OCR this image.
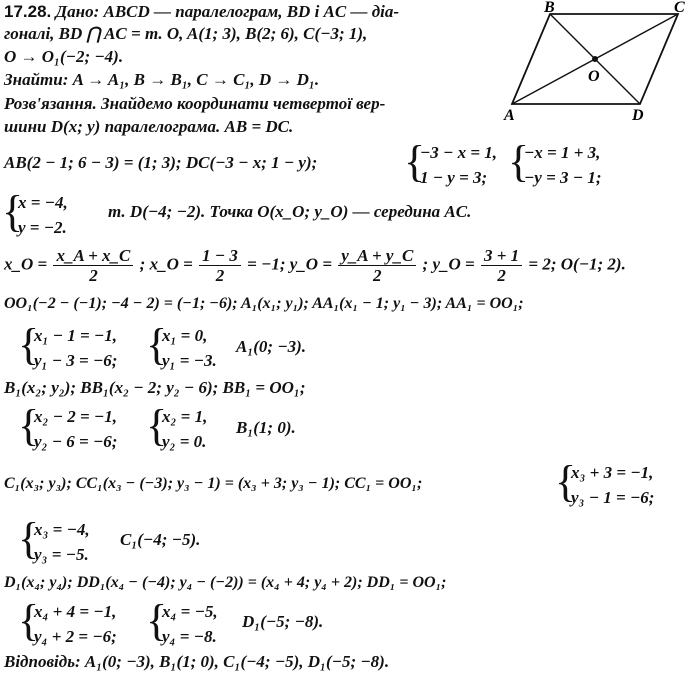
17.28. Дано: ABCD — паралелограм, BD і AC — діа-
гоналі, BD ⋂ AC = т. O, A(1; 3), B(2; 6), C(−3; 1),
O → O₁(−2; −4).
Знайти: A → A₁, B → B₁, C → C₁, D → D₁.
Розв'язання. Знайдемо координати четвертої вер-
шини D(x; y) паралелограма. AB = DC.
B	C
O
A	D
AB(2 − 1; 6 − 3) = (1; 3); DC(−3 − x; 1 − y); {
−3 − x = 1,
1 − y = 3; {
−x = 1 + 3,
−y = 3 − 1;
{
x = −4,
y = −2.
т. D(−4; −2). Точка O(x_O; y_O) — середина AC.
x_O = $\frac{x\_A + x\_C}{2}$ ; x_O = $\frac{1 - 3}{2} = -1$; y_O = $\frac{y\_A + y\_C}{2}$ ; y_O = $\frac{3 + 1}{2} = 2$; O(−1; 2).
OO₁(−2 − (−1); −4 − 2) = (−1; −6); A₁(x₁; y₁); AA₁(x₁ − 1; y₁ − 3); AA₁ = OO₁;
{
x₁ − 1 = −1,
y₁ − 3 = −6; {
x₁ = 0,
y₁ = −3.
A₁(0; −3).
B₁(x₂; y₂); BB₁(x₂ − 2; y₂ − 6); BB₁ = OO₁;
{
x₂ − 2 = −1,
y₂ − 6 = −6; {
x₂ = 1,
y₂ = 0.
B₁(1; 0).
C₁(x₃; y₃); CC₁(x₃ − (−3); y₃ − 1) = (x₃ + 3; y₃ − 1); CC₁ = OO₁;	{
x₃ + 3 = −1,
y₃ − 1 = −6;
{
x₃ = −4,
y₃ = −5.
C₁(−4; −5).
D₁(x₄; y₄); DD₁(x₄ − (−4); y₄ − (−2)) = (x₄ + 4; y₄ + 2); DD₁ = OO₁;
{
x₄ + 4 = −1,
y₄ + 2 = −6; {
x₄ = −5,
y₄ = −8.
D₁(−5; −8).
Відповідь: A₁(0; −3), B₁(1; 0), C₁(−4; −5), D₁(−5; −8).
